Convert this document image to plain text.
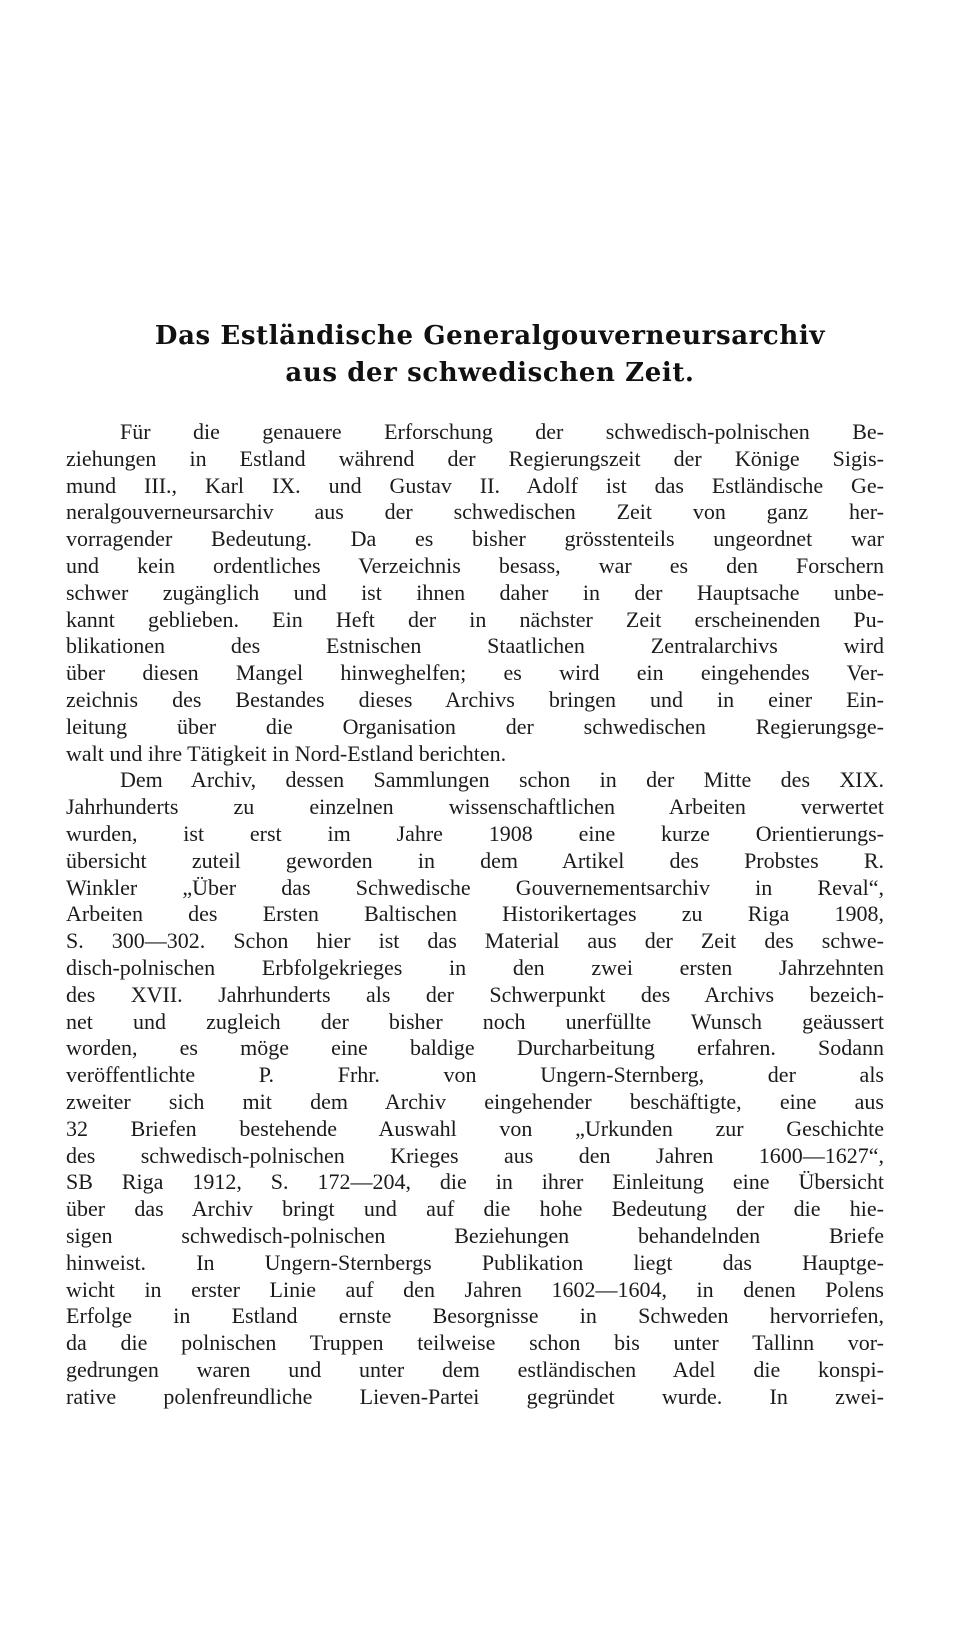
Das Estländische Generalgouverneursarchiv
aus der schwedischen Zeit.
Für die genauere Erforschung der schwedisch-polnischen Be-
ziehungen in Estland während der Regierungszeit der Könige Sigis-
mund III., Karl IX. und Gustav II. Adolf ist das Estländische Ge-
neralgouverneursarchiv aus der schwedischen Zeit von ganz her-
vorragender Bedeutung. Da es bisher grösstenteils ungeordnet war
und kein ordentliches Verzeichnis besass, war es den Forschern
schwer zugänglich und ist ihnen daher in der Hauptsache unbe-
kannt geblieben. Ein Heft der in nächster Zeit erscheinenden Pu-
blikationen des Estnischen Staatlichen Zentralarchivs wird
über diesen Mangel hinweghelfen; es wird ein eingehendes Ver-
zeichnis des Bestandes dieses Archivs bringen und in einer Ein-
leitung über die Organisation der schwedischen Regierungsge-
walt und ihre Tätigkeit in Nord-Estland berichten.
Dem Archiv, dessen Sammlungen schon in der Mitte des XIX.
Jahrhunderts zu einzelnen wissenschaftlichen Arbeiten verwertet
wurden, ist erst im Jahre 1908 eine kurze Orientierungs-
übersicht zuteil geworden in dem Artikel des Probstes R.
Winkler „Über das Schwedische Gouvernementsarchiv in Reval“,
Arbeiten des Ersten Baltischen Historikertages zu Riga 1908,
S. 300—302. Schon hier ist das Material aus der Zeit des schwe-
disch-polnischen Erbfolgekrieges in den zwei ersten Jahrzehnten
des XVII. Jahrhunderts als der Schwerpunkt des Archivs bezeich-
net und zugleich der bisher noch unerfüllte Wunsch geäussert
worden, es möge eine baldige Durcharbeitung erfahren. Sodann
veröffentlichte P. Frhr. von Ungern-Sternberg, der als
zweiter sich mit dem Archiv eingehender beschäftigte, eine aus
32 Briefen bestehende Auswahl von „Urkunden zur Geschichte
des schwedisch-polnischen Krieges aus den Jahren 1600—1627“,
SB Riga 1912, S. 172—204, die in ihrer Einleitung eine Übersicht
über das Archiv bringt und auf die hohe Bedeutung der die hie-
sigen schwedisch-polnischen Beziehungen behandelnden Briefe
hinweist. In Ungern-Sternbergs Publikation liegt das Hauptge-
wicht in erster Linie auf den Jahren 1602—1604, in denen Polens
Erfolge in Estland ernste Besorgnisse in Schweden hervorriefen,
da die polnischen Truppen teilweise schon bis unter Tallinn vor-
gedrungen waren und unter dem estländischen Adel die konspi-
rative polenfreundliche Lieven-Partei gegründet wurde. In zwei-
